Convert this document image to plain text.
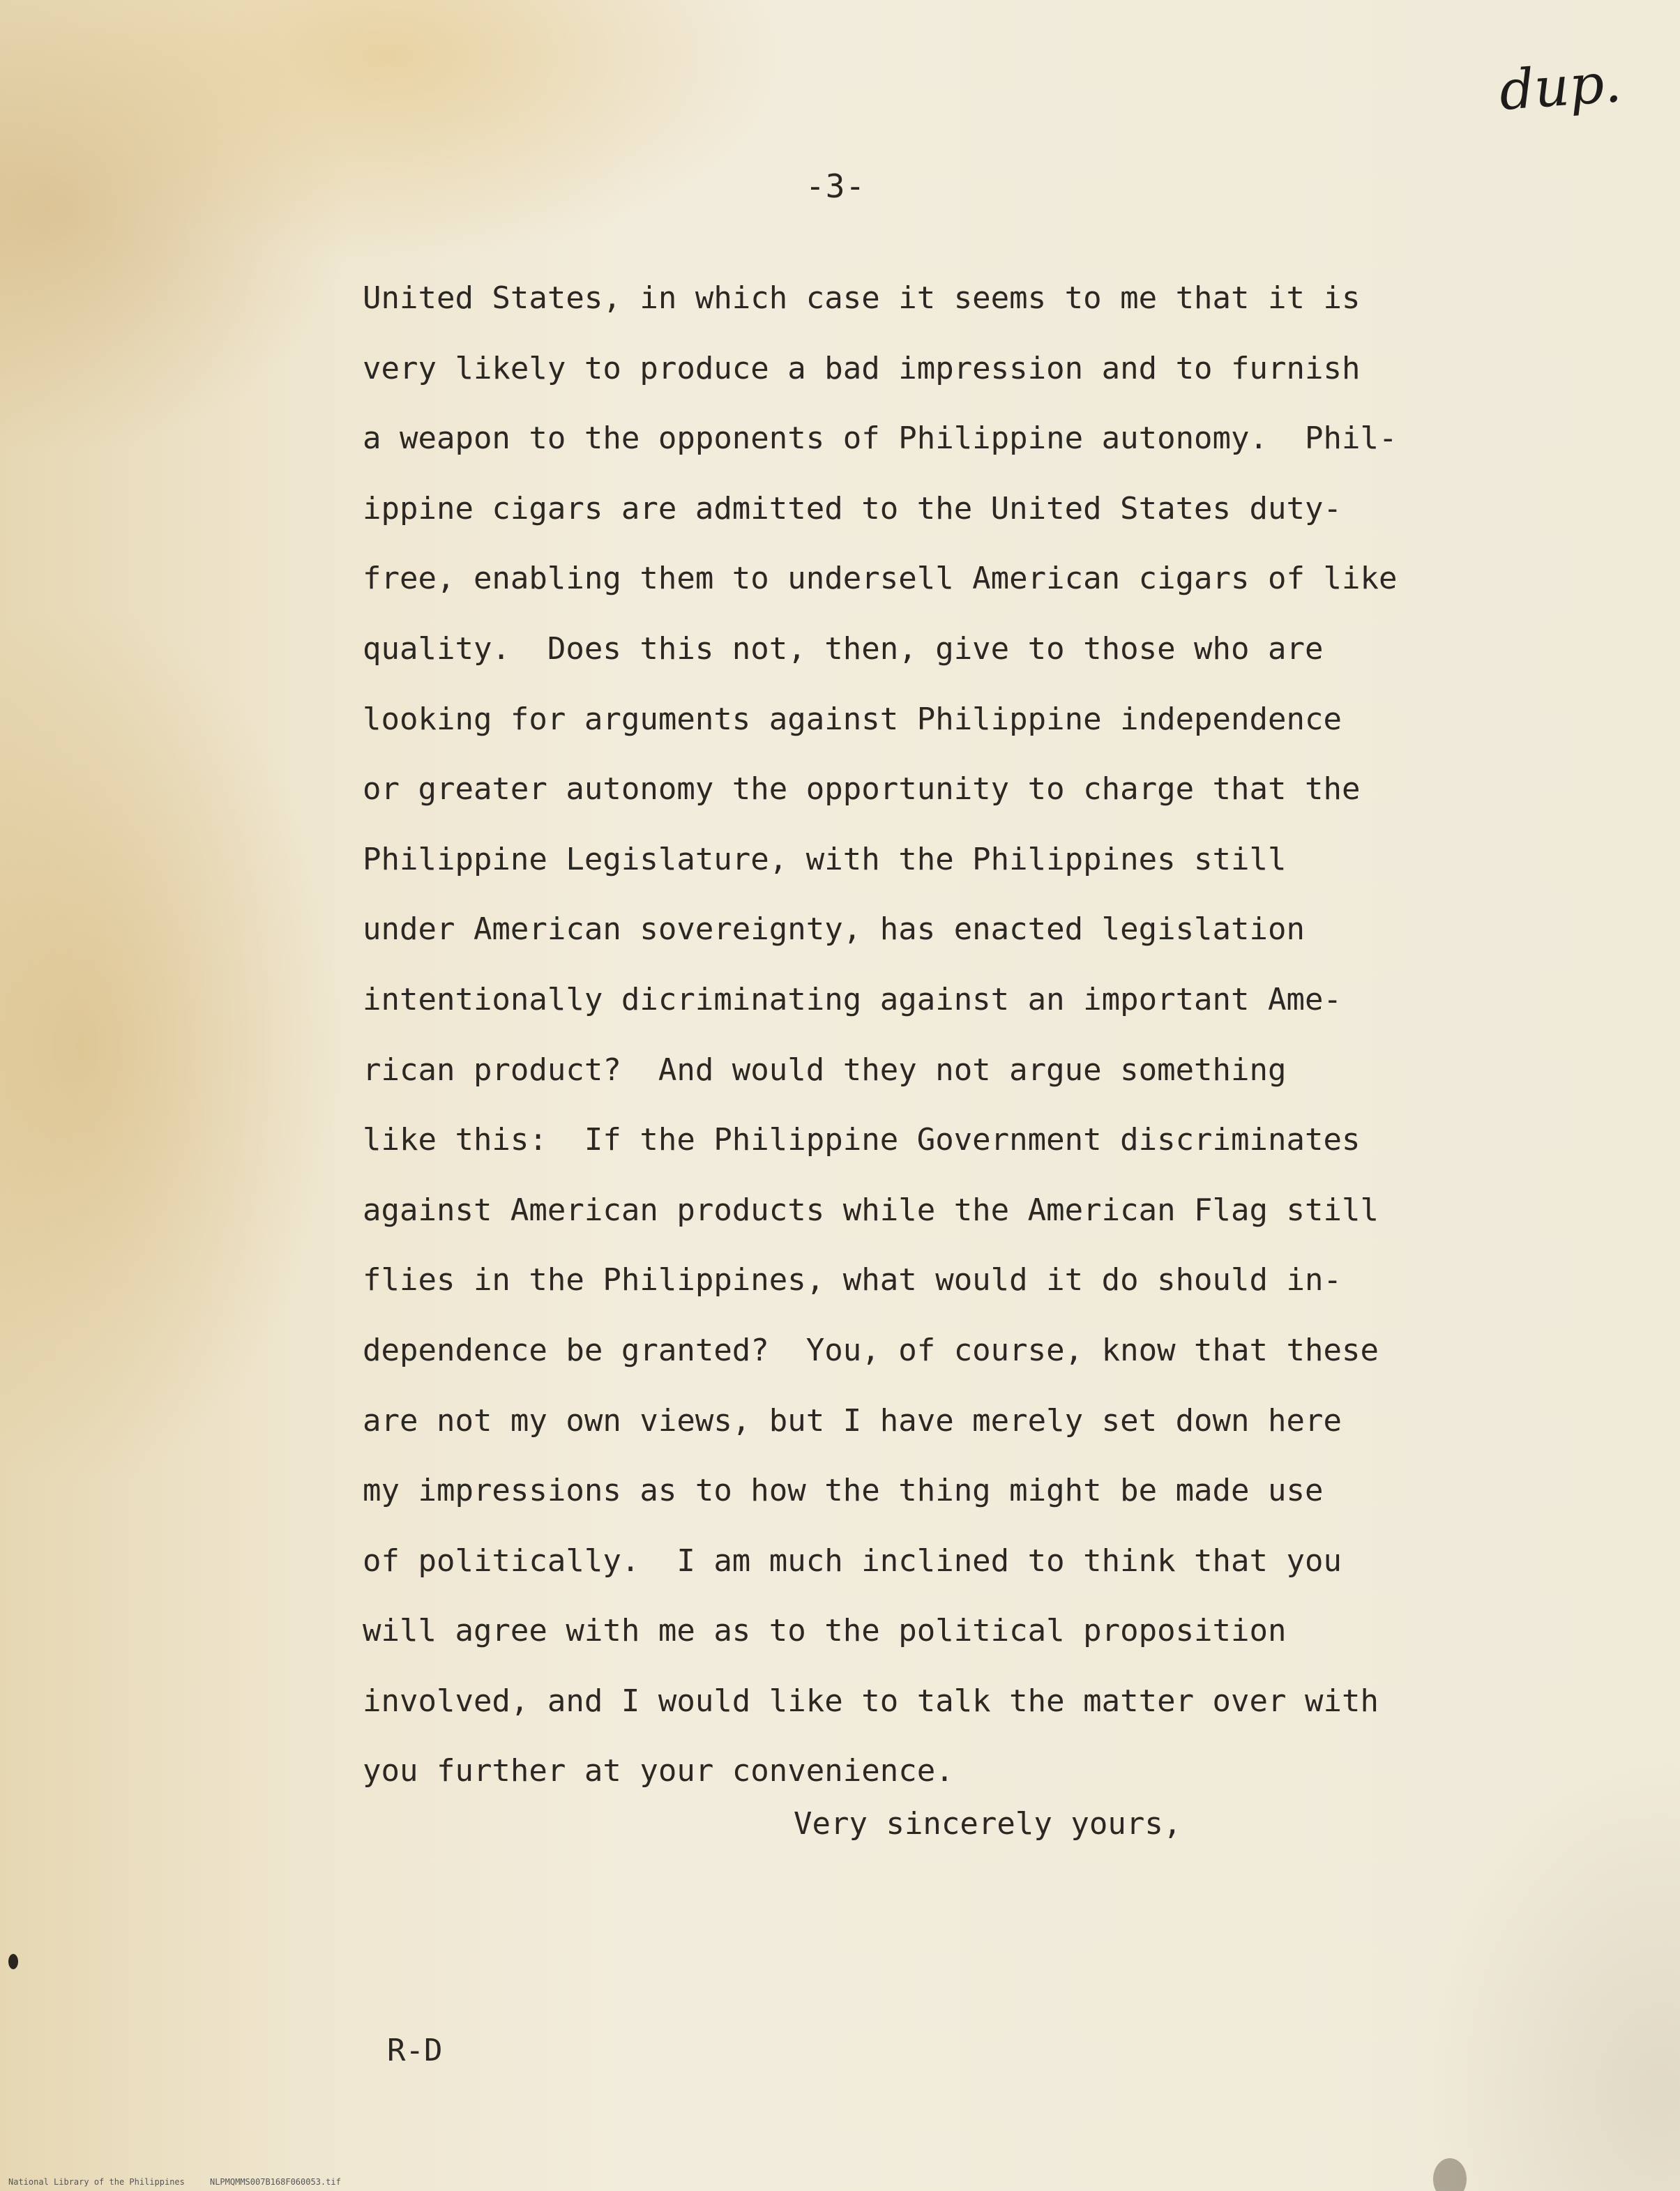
dup.
-3-
United States, in which case it seems to me that it is
very likely to produce a bad impression and to furnish
a weapon to the opponents of Philippine autonomy.  Phil-
ippine cigars are admitted to the United States duty-
free, enabling them to undersell American cigars of like
quality.  Does this not, then, give to those who are
looking for arguments against Philippine independence
or greater autonomy the opportunity to charge that the
Philippine Legislature, with the Philippines still
under American sovereignty, has enacted legislation
intentionally dicriminating against an important Ame-
rican product?  And would they not argue something
like this:  If the Philippine Government discriminates
against American products while the American Flag still
flies in the Philippines, what would it do should in-
dependence be granted?  You, of course, know that these
are not my own views, but I have merely set down here
my impressions as to how the thing might be made use
of politically.  I am much inclined to think that you
will agree with me as to the political proposition
involved, and I would like to talk the matter over with
you further at your convenience.
Very sincerely yours,
R-D
National Library of the Philippines     NLPMQMMS007B168F060053.tif
